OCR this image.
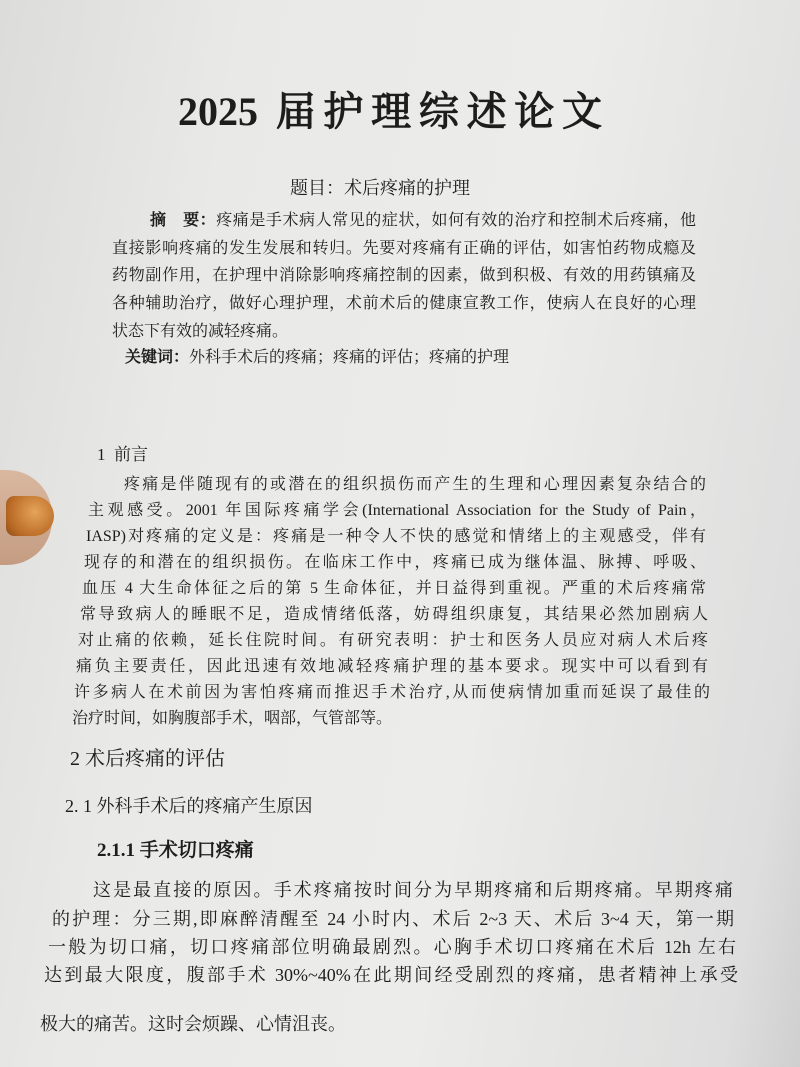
2025 届护理综述论文
题目：术后疼痛的护理
摘　要：疼痛是手术病人常见的症状，如何有效的治疗和控制术后疼痛，他
直接影响疼痛的发生发展和转归。先要对疼痛有正确的评估，如害怕药物成瘾及
药物副作用，在护理中消除影响疼痛控制的因素，做到积极、有效的用药镇痛及
各种辅助治疗，做好心理护理，术前术后的健康宣教工作，使病人在良好的心理
状态下有效的减轻疼痛。
关键词：外科手术后的疼痛；疼痛的评估；疼痛的护理
1  前言
疼痛是伴随现有的或潜在的组织损伤而产生的生理和心理因素复杂结合的
主观感受。2001 年国际疼痛学会(International Association for the Study of Pain，
IASP)对疼痛的定义是：疼痛是一种令人不快的感觉和情绪上的主观感受，伴有
现存的和潜在的组织损伤。在临床工作中，疼痛已成为继体温、脉搏、呼吸、
血压 4 大生命体征之后的第 5 生命体征，并日益得到重视。严重的术后疼痛常
常导致病人的睡眠不足，造成情绪低落，妨碍组织康复，其结果必然加剧病人
对止痛的依赖，延长住院时间。有研究表明：护士和医务人员应对病人术后疼
痛负主要责任，因此迅速有效地减轻疼痛护理的基本要求。现实中可以看到有
许多病人在术前因为害怕疼痛而推迟手术治疗,从而使病情加重而延误了最佳的
治疗时间，如胸腹部手术，咽部，气管部等。
2 术后疼痛的评估
2. 1 外科手术后的疼痛产生原因
2.1.1 手术切口疼痛
这是最直接的原因。手术疼痛按时间分为早期疼痛和后期疼痛。早期疼痛
的护理：分三期,即麻醉清醒至 24 小时内、术后 2~3 天、术后 3~4 天，第一期
一般为切口痛，切口疼痛部位明确最剧烈。心胸手术切口疼痛在术后 12h 左右
达到最大限度，腹部手术 30%~40%在此期间经受剧烈的疼痛，患者精神上承受
极大的痛苦。这时会烦躁、心情沮丧。
